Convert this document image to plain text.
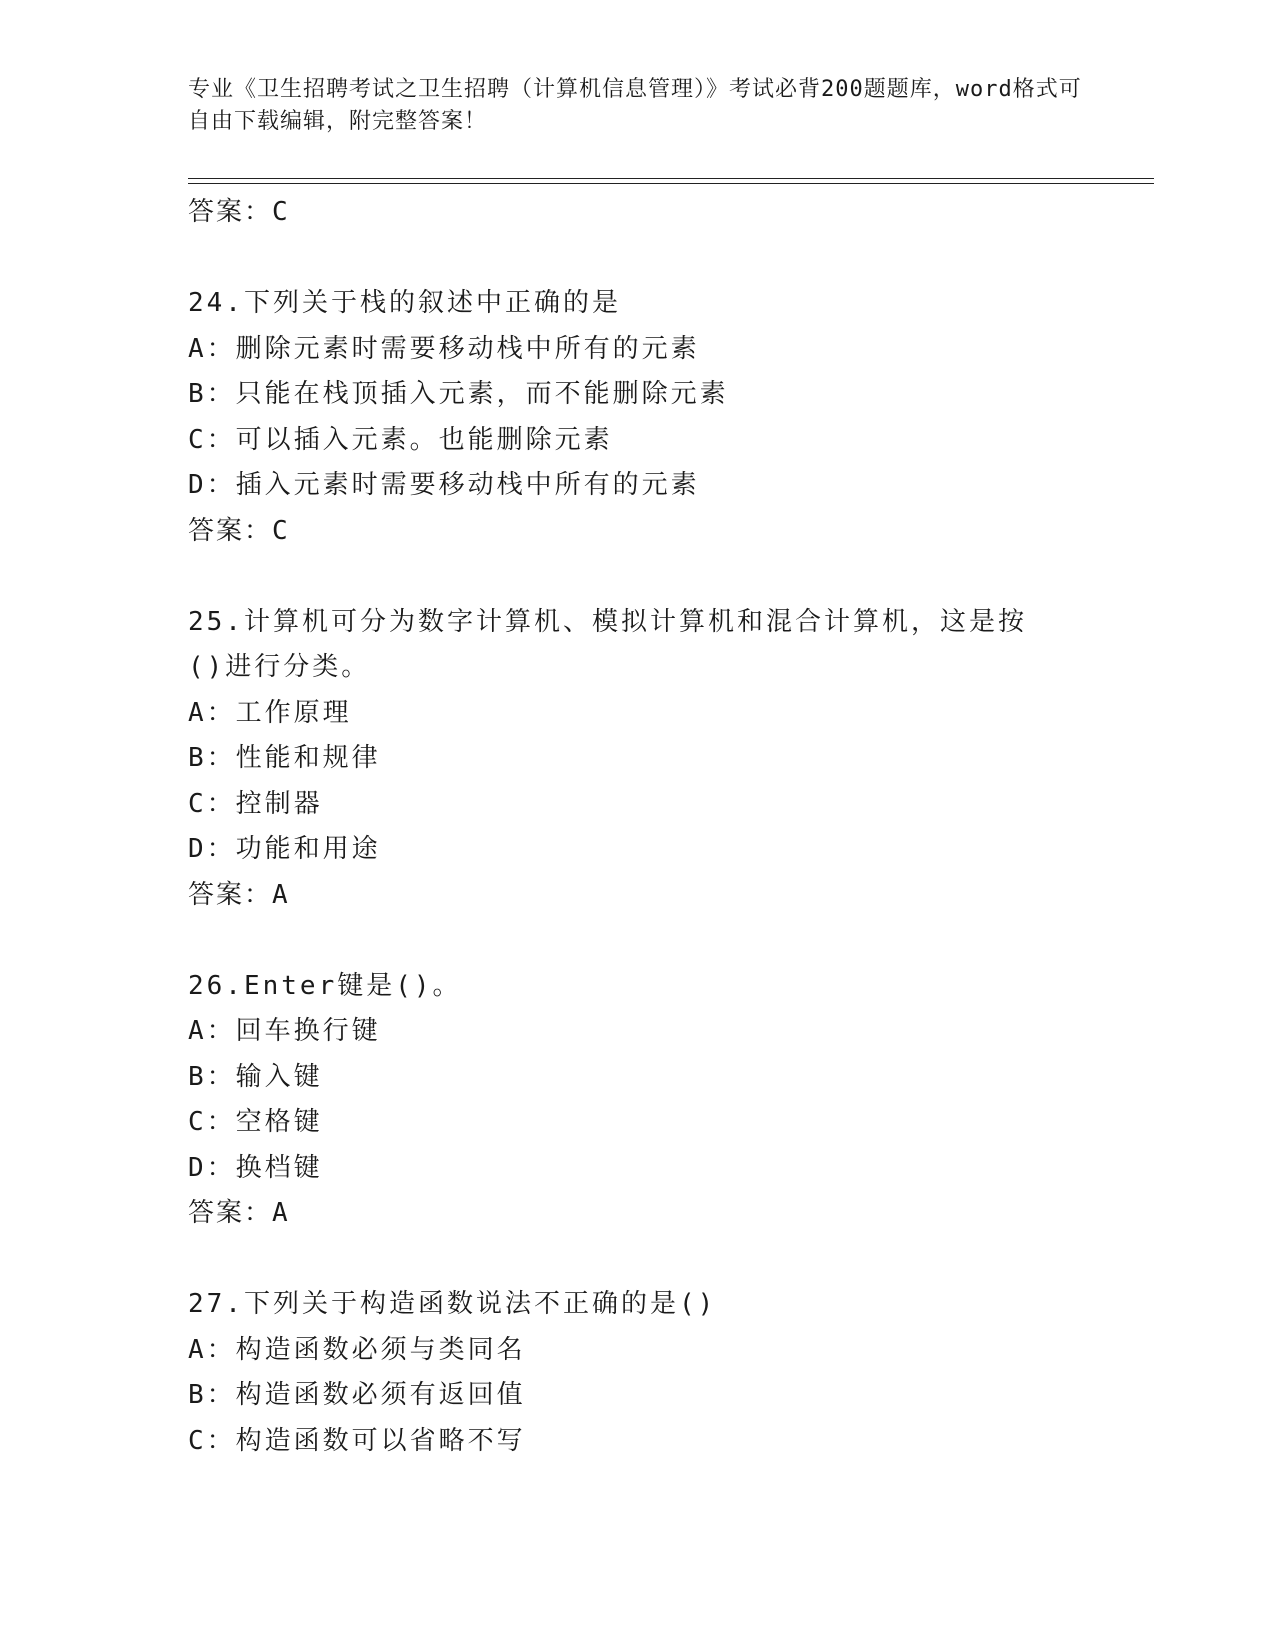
专业《卫生招聘考试之卫生招聘（计算机信息管理）》考试必背200题题库，word格式可自由下载编辑，附完整答案！
答案：C
24.下列关于栈的叙述中正确的是
A：删除元素时需要移动栈中所有的元素
B：只能在栈顶插入元素，而不能删除元素
C：可以插入元素。也能删除元素
D：插入元素时需要移动栈中所有的元素
答案：C
25.计算机可分为数字计算机、模拟计算机和混合计算机，这是按()进行分类。
A：工作原理
B：性能和规律
C：控制器
D：功能和用途
答案：A
26.Enter键是()。
A：回车换行键
B：输入键
C：空格键
D：换档键
答案：A
27.下列关于构造函数说法不正确的是()
A：构造函数必须与类同名
B：构造函数必须有返回值
C：构造函数可以省略不写
